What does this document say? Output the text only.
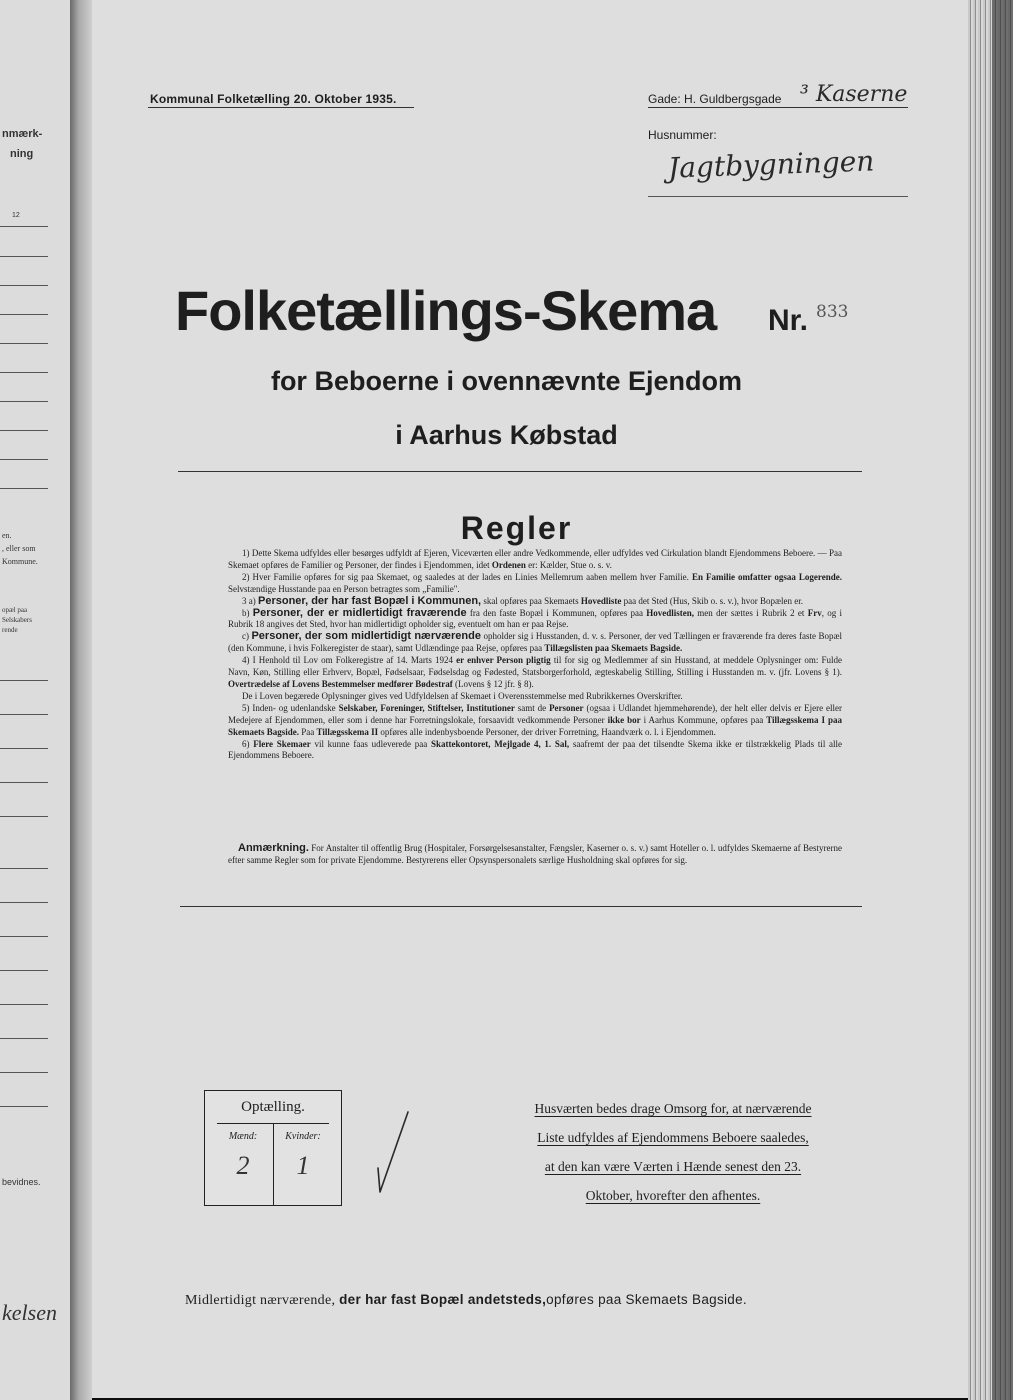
nmærk-
ning
12
en.
, eller som
Kommune.
opæl paa
Selskabers
rende
bevidnes.
kelsen
Kommunal Folketælling 20. Oktober 1935.	Gade: H. Guldbergsgade ³ Kaserne
Husnummer:
Jagtbygningen
Folketællings-Skema Nr. 833
for Beboerne i ovennævnte Ejendom
i Aarhus Købstad
Regler

1) Dette Skema udfyldes eller besørges udfyldt af Ejeren, Viceværten eller andre Vedkommende, eller udfyldes ved Cirkulation blandt Ejendommens Beboere. — Paa Skemaet opføres de Familier og Personer, der findes i Ejendommen, idet Ordenen er: Kælder, Stue o. s. v.

2) Hver Familie opføres for sig paa Skemaet, og saaledes at der lades en Linies Mellemrum aaben mellem hver Familie. En Familie omfatter ogsaa Logerende. Selvstændige Husstande paa en Person betragtes som „Familie".

3 a) Personer, der har fast Bopæl i Kommunen, skal opføres paa Skemaets Hovedliste paa det Sted (Hus, Skib o. s. v.), hvor Bopælen er.

b) Personer, der er midlertidigt fraværende fra den faste Bopæl i Kommunen, opføres paa Hovedlisten, men der sættes i Rubrik 2 et Frv, og i Rubrik 18 angives det Sted, hvor han midlertidigt opholder sig, eventuelt om han er paa Rejse.

c) Personer, der som midlertidigt nærværende opholder sig i Husstanden, d. v. s. Personer, der ved Tællingen er fraværende fra deres faste Bopæl (den Kommune, i hvis Folkeregister de staar), samt Udlændinge paa Rejse, opføres paa Tillægslisten paa Skemaets Bagside.

4) I Henhold til Lov om Folkeregistre af 14. Marts 1924 er enhver Person pligtig til for sig og Medlemmer af sin Husstand, at meddele Oplysninger om: Fulde Navn, Køn, Stilling eller Erhverv, Bopæl, Fødselsaar, Fødselsdag og Fødested, Statsborgerforhold, ægteskabelig Stilling, Stilling i Husstanden m. v. (jfr. Lovens § 1). Overtrædelse af Lovens Bestemmelser medfører Bødestraf (Lovens § 12 jfr. § 8).

De i Loven begærede Oplysninger gives ved Udfyldelsen af Skemaet i Overensstemmelse med Rubrikkernes Overskrifter.

5) Inden- og udenlandske Selskaber, Foreninger, Stiftelser, Institutioner samt de Personer (ogsaa i Udlandet hjemmehørende), der helt eller delvis er Ejere eller Medejere af Ejendommen, eller som i denne har Forretningslokale, forsaavidt vedkommende Personer ikke bor i Aarhus Kommune, opføres paa Tillægsskema I paa Skemaets Bagside. Paa Tillægsskema II opføres alle indenbysboende Personer, der driver Forretning, Haandværk o. l. i Ejendommen.

6) Flere Skemaer vil kunne faas udleverede paa Skattekontoret, Mejlgade 4, 1. Sal, saafremt der paa det tilsendte Skema ikke er tilstrækkelig Plads til alle Ejendommens Beboere.

Anmærkning. For Anstalter til offentlig Brug (Hospitaler, Forsørgelsesanstalter, Fængsler, Kaserner o. s. v.) samt Hoteller o. l. udfyldes Skemaerne af Bestyrerne efter samme Regler som for private Ejendomme. Bestyrerens eller Opsynspersonalets særlige Husholdning skal opføres for sig.
Optælling.
Mænd:	Kvinder:
2	1
Husværten bedes drage Omsorg for, at nærværende
Liste udfyldes af Ejendommens Beboere saaledes,
at den kan være Værten i Hænde senest den 23.
Oktober, hvorefter den afhentes.
Midlertidigt nærværende, der har fast Bopæl andetsteds, opføres paa Skemaets Bagside.
